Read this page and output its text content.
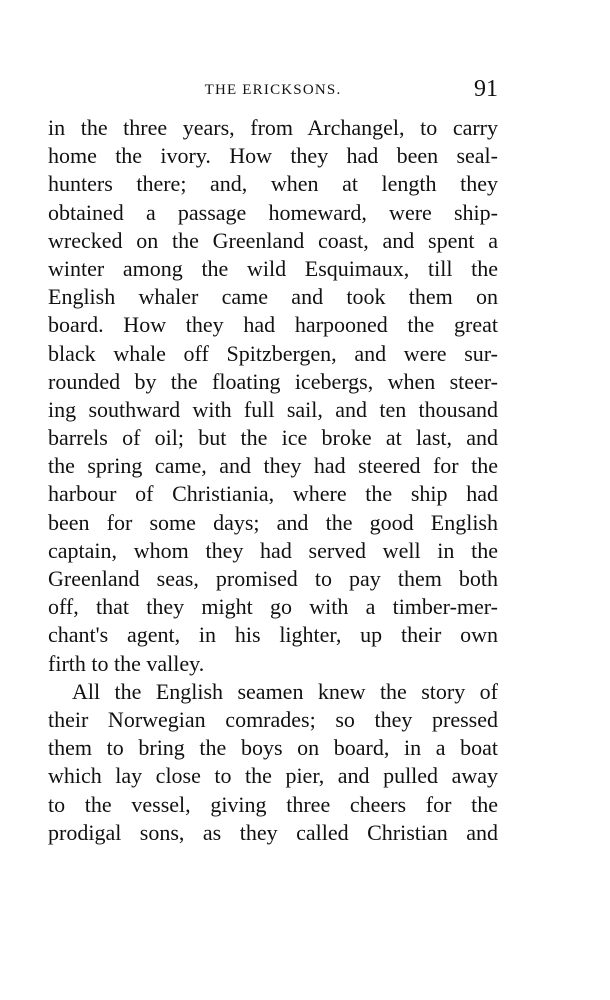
THE ERICKSONS.	91
in the three years, from Archangel, to carry
home the ivory. How they had been seal-
hunters there; and, when at length they
obtained a passage homeward, were ship-
wrecked on the Greenland coast, and spent a
winter among the wild Esquimaux, till the
English whaler came and took them on
board. How they had harpooned the great
black whale off Spitzbergen, and were sur-
rounded by the floating icebergs, when steer-
ing southward with full sail, and ten thousand
barrels of oil; but the ice broke at last, and
the spring came, and they had steered for the
harbour of Christiania, where the ship had
been for some days; and the good English
captain, whom they had served well in the
Greenland seas, promised to pay them both
off, that they might go with a timber-mer-
chant's agent, in his lighter, up their own
firth to the valley.
All the English seamen knew the story of
their Norwegian comrades; so they pressed
them to bring the boys on board, in a boat
which lay close to the pier, and pulled away
to the vessel, giving three cheers for the
prodigal sons, as they called Christian and
